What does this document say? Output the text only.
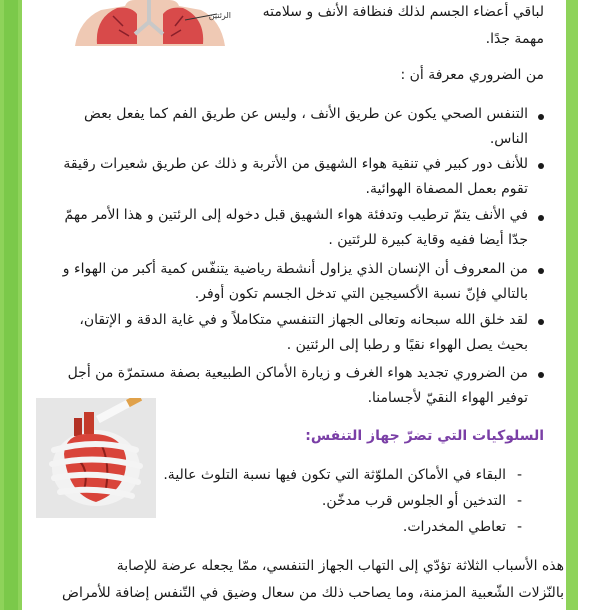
الرئتين لباقي أعضاء الجسم لذلك فنظافة الأنف و سلامته
مهمة جدًا.
من الضروري معرفة أن :
التنفس الصحي يكون عن طريق الأنف ، وليس عن طريق الفم كما يفعل بعض
الناس.
للأنف دور كبير في تنقية هواء الشهيق من الأتربة و ذلك عن طريق شعيرات رقيقة
تقوم بعمل المصفاة الهوائية.
في الأنف يتمّ ترطيب وتدفئة هواء الشهيق قبل دخوله إلى الرئتين و هذا الأمر مهمّ
جدّا أيضا ففيه وقاية كبيرة للرئتين .
من المعروف أن الإنسان الذي يزاول أنشطة رياضية يتنفّس كمية أكبر من الهواء و
بالتالي فإنّ نسبة الأكسيجين التي تدخل الجسم تكون أوفر.
لقد خلق الله سبحانه وتعالى الجهاز التنفسي متكاملاً و في غاية الدقة و الإتقان،
بحيث يصل الهواء نقيًا و رطبا إلى الرئتين .
من الضروري تجديد هواء الغرف و زيارة الأماكن الطبيعية بصفة مستمرّة من أجل
توفير الهواء النقيّ لأجسامنا.
السلوكيات التي تضرّ جهاز التنفس:
-
البقاء في الأماكن الملوّثة التي تكون فيها نسبة التلوث عالية.
-
التدخين أو الجلوس قرب مدخّن.
-
تعاطي المخدرات.
هذه الأسباب الثلاثة تؤدّي إلى التهاب الجهاز التنفسي، ممّا يجعله عرضة للإصابة
بالنّزلات الشّعبية المزمنة، وما يصاحب ذلك من سعال وضيق في التّنفس إضافة للأمراض
